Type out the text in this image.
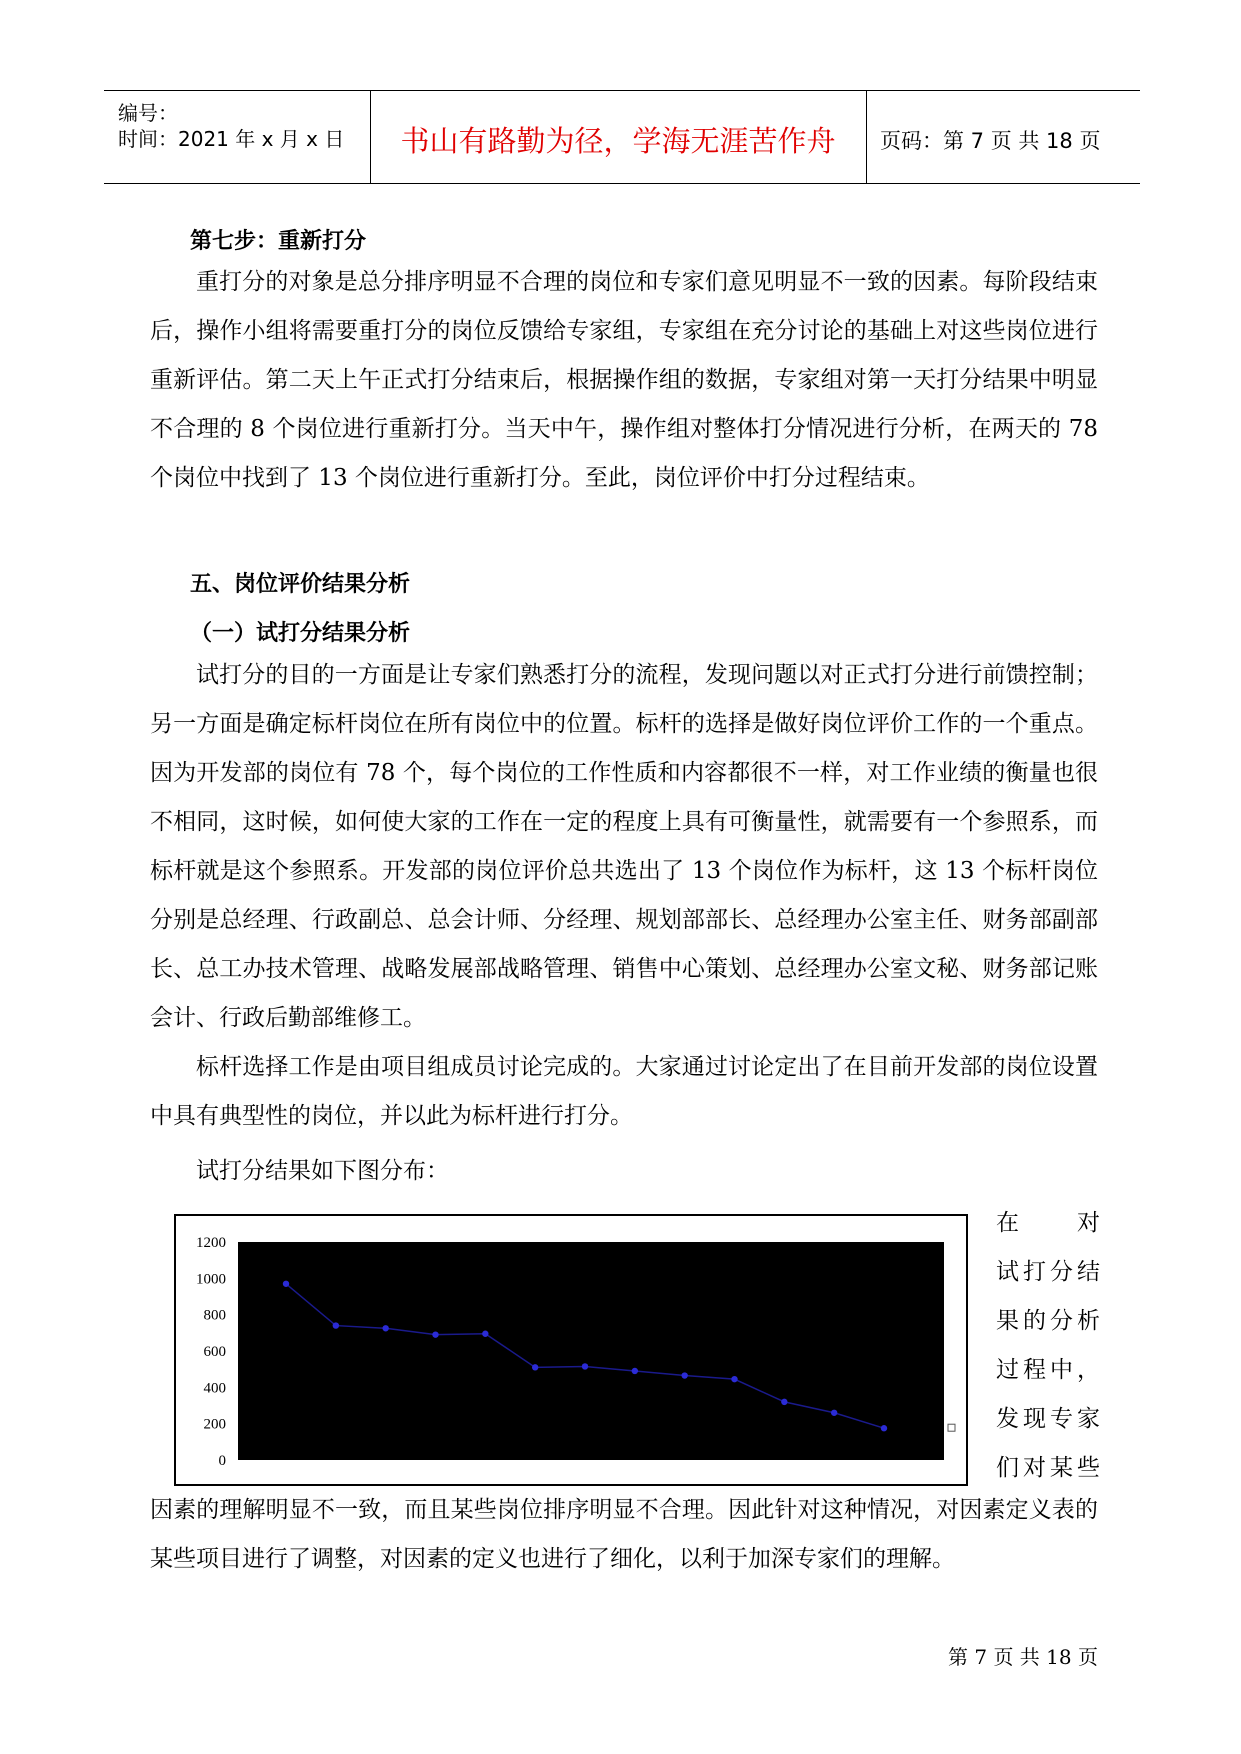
编号：
时间：2021 年 x 月 x 日	书山有路勤为径，学海无涯苦作舟	页码：第 7 页 共 18 页
第七步：重新打分
重打分的对象是总分排序明显不合理的岗位和专家们意见明显不一致的因素。每阶段结束后，操作小组将需要重打分的岗位反馈给专家组，专家组在充分讨论的基础上对这些岗位进行重新评估。第二天上午正式打分结束后，根据操作组的数据，专家组对第一天打分结果中明显不合理的 8 个岗位进行重新打分。当天中午，操作组对整体打分情况进行分析，在两天的 78 个岗位中找到了 13 个岗位进行重新打分。至此，岗位评价中打分过程结束。
五、岗位评价结果分析
（一）试打分结果分析
试打分的目的一方面是让专家们熟悉打分的流程，发现问题以对正式打分进行前馈控制；另一方面是确定标杆岗位在所有岗位中的位置。标杆的选择是做好岗位评价工作的一个重点。因为开发部的岗位有 78 个，每个岗位的工作性质和内容都很不一样，对工作业绩的衡量也很不相同，这时候，如何使大家的工作在一定的程度上具有可衡量性，就需要有一个参照系，而标杆就是这个参照系。开发部的岗位评价总共选出了 13 个岗位作为标杆，这 13 个标杆岗位分别是总经理、行政副总、总会计师、分经理、规划部部长、总经理办公室主任、财务部副部长、总工办技术管理、战略发展部战略管理、销售中心策划、总经理办公室文秘、财务部记账会计、行政后勤部维修工。
标杆选择工作是由项目组成员讨论完成的。大家通过讨论定出了在目前开发部的岗位设置中具有典型性的岗位，并以此为标杆进行打分。
试打分结果如下图分布：
1200
1000
800
600
400
200
0
在对
试打分结
果的分析
过程中，
发现专家
们对某些
因素的理解明显不一致，而且某些岗位排序明显不合理。因此针对这种情况，对因素定义表的某些项目进行了调整，对因素的定义也进行了细化，以利于加深专家们的理解。
第 7 页 共 18 页
